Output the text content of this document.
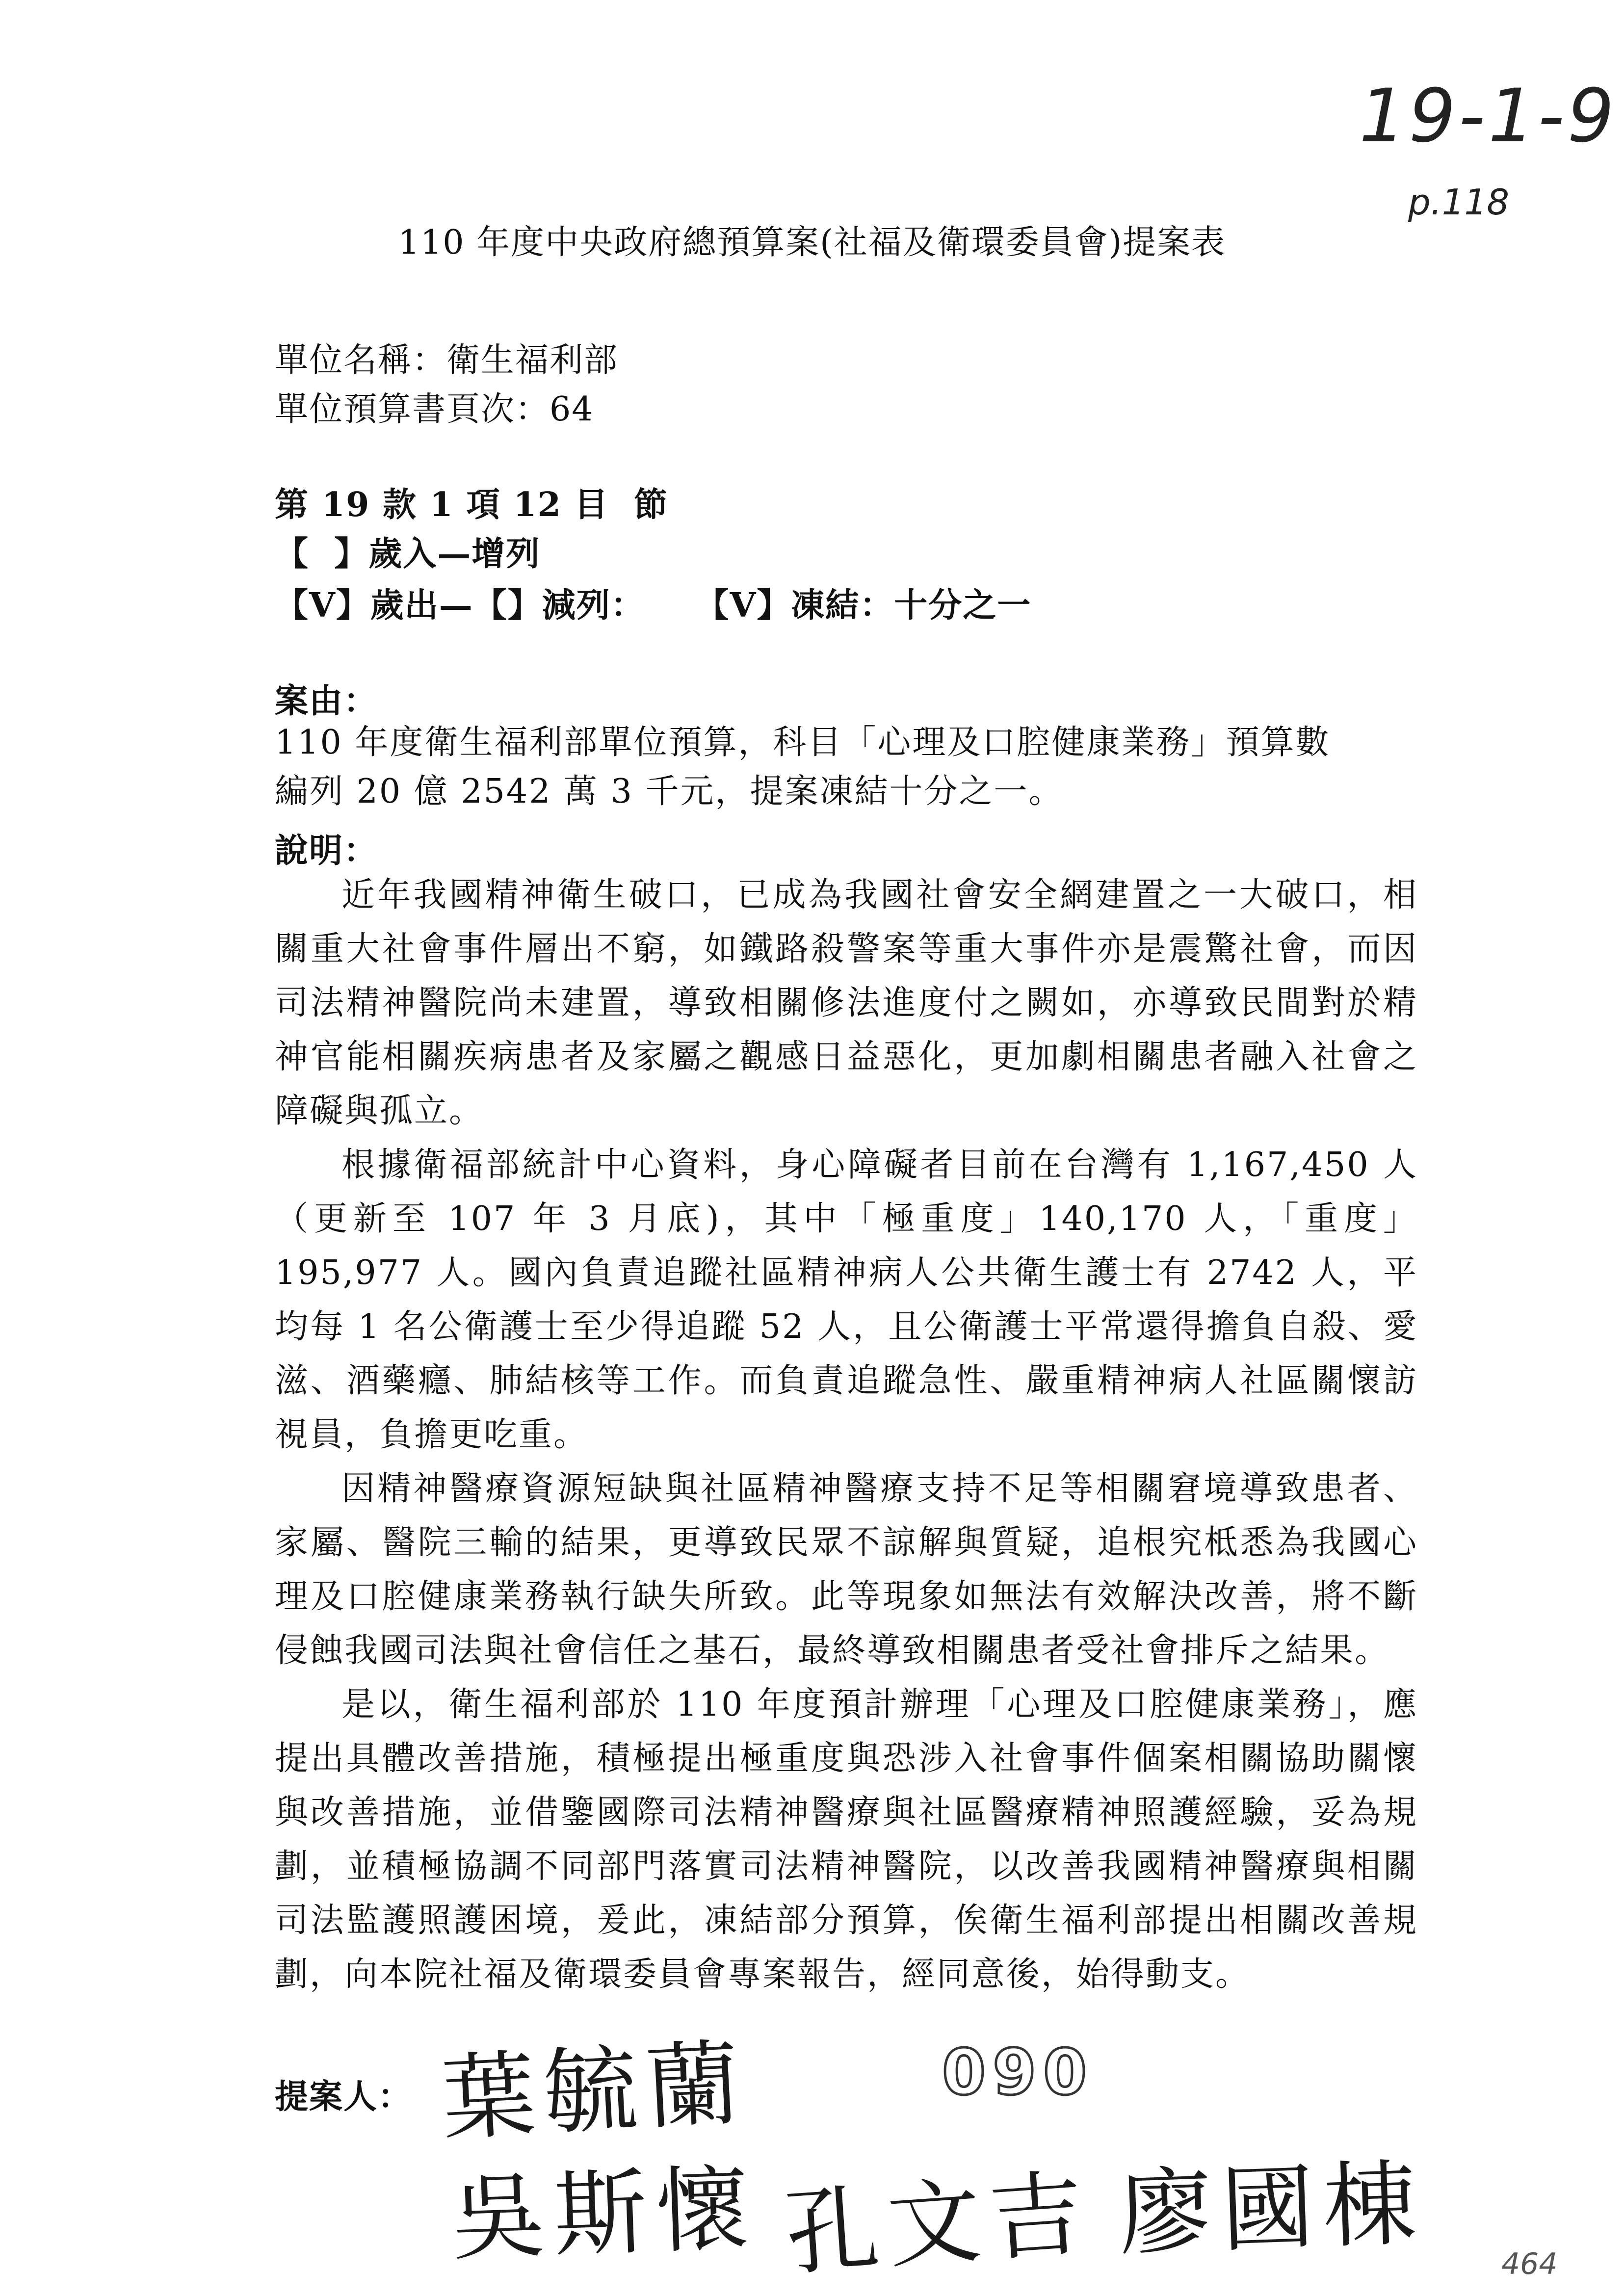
19-1-9
p.118
110 年度中央政府總預算案(社福及衛環委員會)提案表
單位名稱：衛生福利部
單位預算書頁次：64
第 19 款 1 項 12 目  節
【  】歲入—增列
【V】歲出—【】減列：    【V】凍結：十分之一
案由：
110 年度衛生福利部單位預算，科目「心理及口腔健康業務」預算數
編列 20 億 2542 萬 3 千元，提案凍結十分之一。
說明：

近年我國精神衛生破口，已成為我國社會安全網建置之一大破口，相關重大社會事件層出不窮，如鐵路殺警案等重大事件亦是震驚社會，而因司法精神醫院尚未建置，導致相關修法進度付之闕如，亦導致民間對於精神官能相關疾病患者及家屬之觀感日益惡化，更加劇相關患者融入社會之障礙與孤立。

根據衛福部統計中心資料，身心障礙者目前在台灣有 1,167,450 人（更新至 107 年 3 月底)，其中「極重度」140,170 人，「重度」195,977 人。國內負責追蹤社區精神病人公共衛生護士有 2742 人，平均每 1 名公衛護士至少得追蹤 52 人，且公衛護士平常還得擔負自殺、愛滋、酒藥癮、肺結核等工作。而負責追蹤急性、嚴重精神病人社區關懷訪視員，負擔更吃重。

因精神醫療資源短缺與社區精神醫療支持不足等相關窘境導致患者、家屬、醫院三輸的結果，更導致民眾不諒解與質疑，追根究柢悉為我國心理及口腔健康業務執行缺失所致。此等現象如無法有效解決改善，將不斷侵蝕我國司法與社會信任之基石，最終導致相關患者受社會排斥之結果。

是以，衛生福利部於 110 年度預計辦理「心理及口腔健康業務」，應提出具體改善措施，積極提出極重度與恐涉入社會事件個案相關協助關懷與改善措施，並借鑒國際司法精神醫療與社區醫療精神照護經驗，妥為規劃，並積極協調不同部門落實司法精神醫院，以改善我國精神醫療與相關司法監護照護困境，爰此，凍結部分預算，俟衛生福利部提出相關改善規劃，向本院社福及衛環委員會專案報告，經同意後，始得動支。

提案人：	090
葉毓蘭
吳斯懷 孔文吉 廖國棟	464
